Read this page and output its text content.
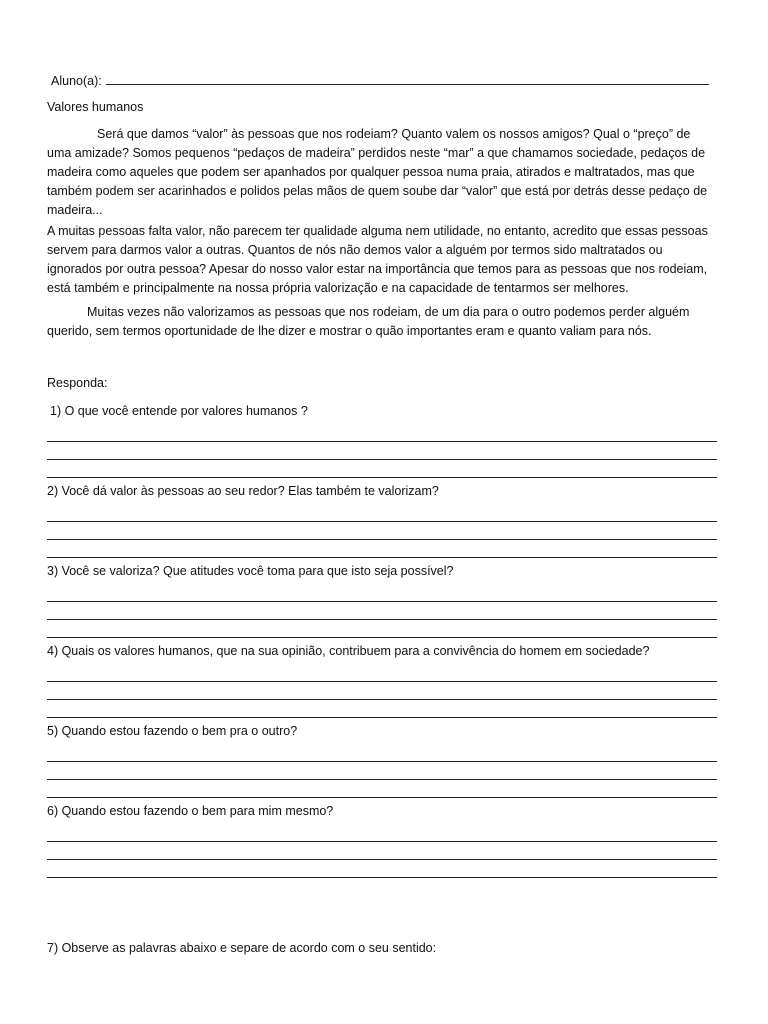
Aluno(a):
Valores humanos

Será que damos “valor” às pessoas que nos rodeiam? Quanto valem os nossos amigos? Qual o “preço” de uma amizade? Somos pequenos “pedaços de madeira” perdidos neste “mar” a que chamamos sociedade, pedaços de madeira como aqueles que podem ser apanhados por qualquer pessoa numa praia, atirados e maltratados, mas que também podem ser acarinhados e polidos pelas mãos de quem soube dar “valor” que está por detrás desse pedaço de madeira...

A muitas pessoas falta valor, não parecem ter qualidade alguma nem utilidade, no entanto, acredito que essas pessoas servem para darmos valor a outras. Quantos de nós não demos valor a alguém por termos sido maltratados ou ignorados por outra pessoa? Apesar do nosso valor estar na importância que temos para as pessoas que nos rodeiam, está também e principalmente na nossa própria valorização e na capacidade de tentarmos ser melhores.

Muitas vezes não valorizamos as pessoas que nos rodeiam, de um dia para o outro podemos perder alguém querido, sem termos oportunidade de lhe dizer e mostrar o quão importantes eram e quanto valiam para nós.

Responda:
1) O que você entende por valores humanos ?
2) Você dá valor às pessoas ao seu redor? Elas também te valorizam?
3) Você se valoriza? Que atitudes você toma para que isto seja possível?
4) Quais os valores humanos, que na sua opinião, contribuem para a convivência do homem em sociedade?
5) Quando estou fazendo o bem pra o outro?
6) Quando estou fazendo o bem para mim mesmo?
7) Observe as palavras abaixo e separe de acordo com o seu sentido:
